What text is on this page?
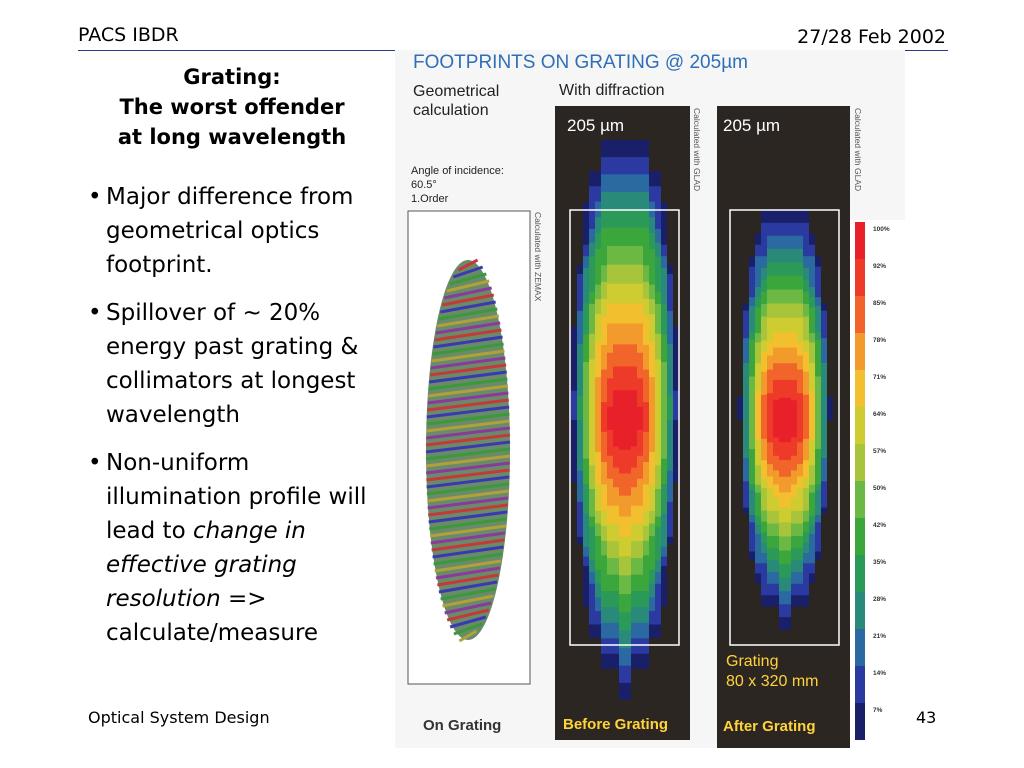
PACS IBDR	27/28 Feb 2002
Grating:
The worst offender
at long wavelength
• Major difference from geometrical optics footprint.
• Spillover of ~ 20% energy past grating & collimators at longest wavelength
• Non-uniform illumination profile will lead to change in effective grating resolution => calculate/measure
FOOTPRINTS ON GRATING @ 205µm
Geometrical
calculation
With diffraction
Angle of incidence:
60.5°
1.Order
Calculated with ZEMAX
Calculated with GLAD	Calculated with GLAD
205 µm	205 µm
Grating
80 x 320 mm
On Grating	Before Grating	After Grating
100%
92%
85%
78%
71%
64%
57%
50%
42%
35%
28%
21%
14%
7%
Optical System Design	43
